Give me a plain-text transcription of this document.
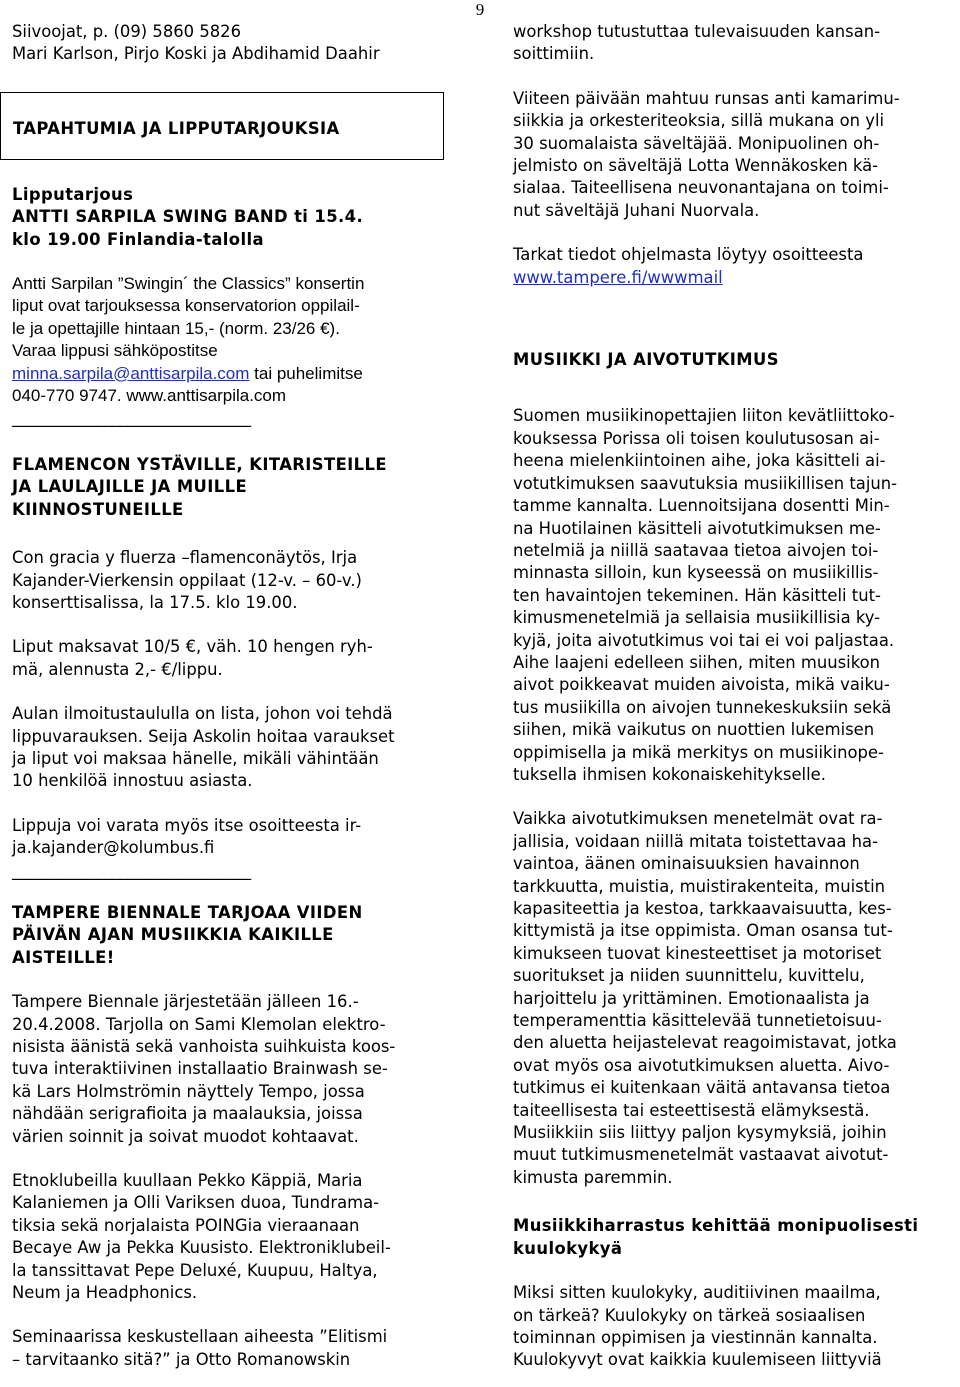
9

Siivoojat, p. (09) 5860 5826

Mari Karlson, Pirjo Koski ja Abdihamid Daahir

TAPAHTUMIA JA LIPPUTARJOUKSIA

Lipputarjous

ANTTI SARPILA SWING BAND ti 15.4.

klo 19.00 Finlandia-talolla

Antti Sarpilan ”Swingin´ the Classics” konsertin

liput ovat tarjouksessa konservatorion oppilail-

le ja opettajille hintaan 15,- (norm. 23/26 €).

Varaa lippusi sähköpostitse

minna.sarpila@anttisarpila.com tai puhelimitse

040-770 9747. www.anttisarpila.com

_______________________________

FLAMENCON YSTÄVILLE, KITARISTEILLE

JA LAULAJILLE JA MUILLE

KIINNOSTUNEILLE

Con gracia y fluerza –flamenconäytös, Irja

Kajander-Vierkensin oppilaat (12-v. – 60-v.)

konserttisalissa, la 17.5. klo 19.00.

Liput maksavat 10/5 €, väh. 10 hengen ryh-

mä, alennusta 2,- €/lippu.

Aulan ilmoitustaululla on lista, johon voi tehdä

lippuvarauksen. Seija Askolin hoitaa varaukset

ja liput voi maksaa hänelle, mikäli vähintään

10 henkilöä innostuu asiasta.

Lippuja voi varata myös itse osoitteesta ir-

ja.kajander@kolumbus.fi

_______________________________

TAMPERE BIENNALE TARJOAA VIIDEN

PÄIVÄN AJAN MUSIIKKIA KAIKILLE

AISTEILLE!

Tampere Biennale järjestetään jälleen 16.-

20.4.2008. Tarjolla on Sami Klemolan elektro-

nisista äänistä sekä vanhoista suihkuista koos-

tuva interaktiivinen installaatio Brainwash se-

kä Lars Holmströmin näyttely Tempo, jossa

nähdään serigrafioita ja maalauksia, joissa

värien soinnit ja soivat muodot kohtaavat.

Etnoklubeilla kuullaan Pekko Käppiä, Maria

Kalaniemen ja Olli Variksen duoa, Tundrama-

tiksia sekä norjalaista POINGia vieraanaan

Becaye Aw ja Pekka Kuusisto. Elektroniklubeil-

la tanssittavat Pepe Deluxé, Kuupuu, Haltya,

Neum ja Headphonics.

Seminaarissa keskustellaan aiheesta ”Elitismi

– tarvitaanko sitä?” ja Otto Romanowskin

workshop tutustuttaa tulevaisuuden kansan-

soittimiin.

Viiteen päivään mahtuu runsas anti kamarimu-

siikkia ja orkesteriteoksia, sillä mukana on yli

30 suomalaista säveltäjää. Monipuolinen oh-

jelmisto on säveltäjä Lotta Wennäkosken kä-

sialaa. Taiteellisena neuvonantajana on toimi-

nut säveltäjä Juhani Nuorvala.

Tarkat tiedot ohjelmasta löytyy osoitteesta

www.tampere.fi/wwwmail

MUSIIKKI JA AIVOTUTKIMUS

Suomen musiikinopettajien liiton kevätliittoko-

kouksessa Porissa oli toisen koulutusosan ai-

heena mielenkiintoinen aihe, joka käsitteli ai-

votutkimuksen saavutuksia musiikillisen tajun-

tamme kannalta. Luennoitsijana dosentti Min-

na Huotilainen käsitteli aivotutkimuksen me-

netelmiä ja niillä saatavaa tietoa aivojen toi-

minnasta silloin, kun kyseessä on musiikillis-

ten havaintojen tekeminen. Hän käsitteli tut-

kimusmenetelmiä ja sellaisia musiikillisia ky-

kyjä, joita aivotutkimus voi tai ei voi paljastaa.

Aihe laajeni edelleen siihen, miten muusikon

aivot poikkeavat muiden aivoista, mikä vaiku-

tus musiikilla on aivojen tunnekeskuksiin sekä

siihen, mikä vaikutus on nuottien lukemisen

oppimisella ja mikä merkitys on musiikinope-

tuksella ihmisen kokonaiskehitykselle.

Vaikka aivotutkimuksen menetelmät ovat ra-

jallisia, voidaan niillä mitata toistettavaa ha-

vaintoa, äänen ominaisuuksien havainnon

tarkkuutta, muistia, muistirakenteita, muistin

kapasiteettia ja kestoa, tarkkaavaisuutta, kes-

kittymistä ja itse oppimista. Oman osansa tut-

kimukseen tuovat kinesteettiset ja motoriset

suoritukset ja niiden suunnittelu, kuvittelu,

harjoittelu ja yrittäminen. Emotionaalista ja

temperamenttia käsittelevää tunnetietoisuu-

den aluetta heijastelevat reagoimistavat, jotka

ovat myös osa aivotutkimuksen aluetta. Aivo-

tutkimus ei kuitenkaan väitä antavansa tietoa

taiteellisesta tai esteettisestä elämyksestä.

Musiikkiin siis liittyy paljon kysymyksiä, joihin

muut tutkimusmenetelmät vastaavat aivotut-

kimusta paremmin.

Musiikkiharrastus kehittää monipuolisesti

kuulokykyä

Miksi sitten kuulokyky, auditiivinen maailma,

on tärkeä? Kuulokyky on tärkeä sosiaalisen

toiminnan oppimisen ja viestinnän kannalta.

Kuulokyvyt ovat kaikkia kuulemiseen liittyviä
